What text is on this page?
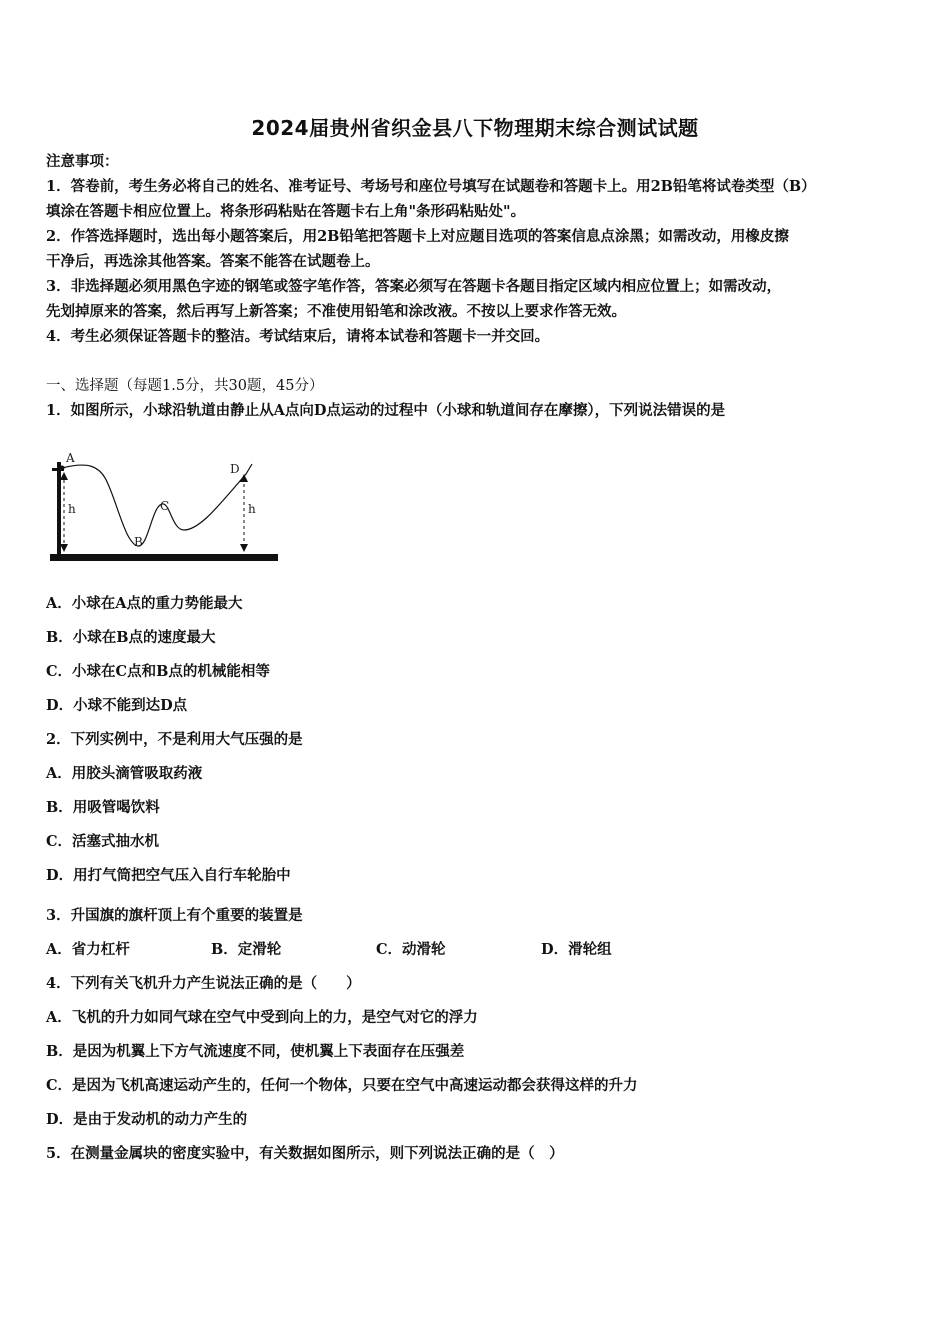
2024届贵州省织金县八下物理期末综合测试试题
注意事项：
1．答卷前，考生务必将自己的姓名、准考证号、考场号和座位号填写在试题卷和答题卡上。用2B铅笔将试卷类型（B）
填涂在答题卡相应位置上。将条形码粘贴在答题卡右上角"条形码粘贴处"。
2．作答选择题时，选出每小题答案后，用2B铅笔把答题卡上对应题目选项的答案信息点涂黑；如需改动，用橡皮擦
干净后，再选涂其他答案。答案不能答在试题卷上。
3．非选择题必须用黑色字迹的钢笔或签字笔作答，答案必须写在答题卡各题目指定区域内相应位置上；如需改动，
先划掉原来的答案，然后再写上新答案；不准使用铅笔和涂改液。不按以上要求作答无效。
4．考生必须保证答题卡的整洁。考试结束后，请将本试卷和答题卡一并交回。
一、选择题（每题1.5分，共30题，45分）
1．如图所示，小球沿轨道由静止从A点向D点运动的过程中（小球和轨道间存在摩擦），下列说法错误的是
A
B
C
D
h	h
A．小球在A点的重力势能最大
B．小球在B点的速度最大
C．小球在C点和B点的机械能相等
D．小球不能到达D点
2．下列实例中，不是利用大气压强的是
A．用胶头滴管吸取药液
B．用吸管喝饮料
C．活塞式抽水机
D．用打气筒把空气压入自行车轮胎中
3．升国旗的旗杆顶上有个重要的装置是
A．省力杠杆	B．定滑轮	C．动滑轮	D．滑轮组
4．下列有关飞机升力产生说法正确的是（　　）
A．飞机的升力如同气球在空气中受到向上的力，是空气对它的浮力
B．是因为机翼上下方气流速度不同，使机翼上下表面存在压强差
C．是因为飞机高速运动产生的，任何一个物体，只要在空气中高速运动都会获得这样的升力
D．是由于发动机的动力产生的
5．在测量金属块的密度实验中，有关数据如图所示，则下列说法正确的是（　）
